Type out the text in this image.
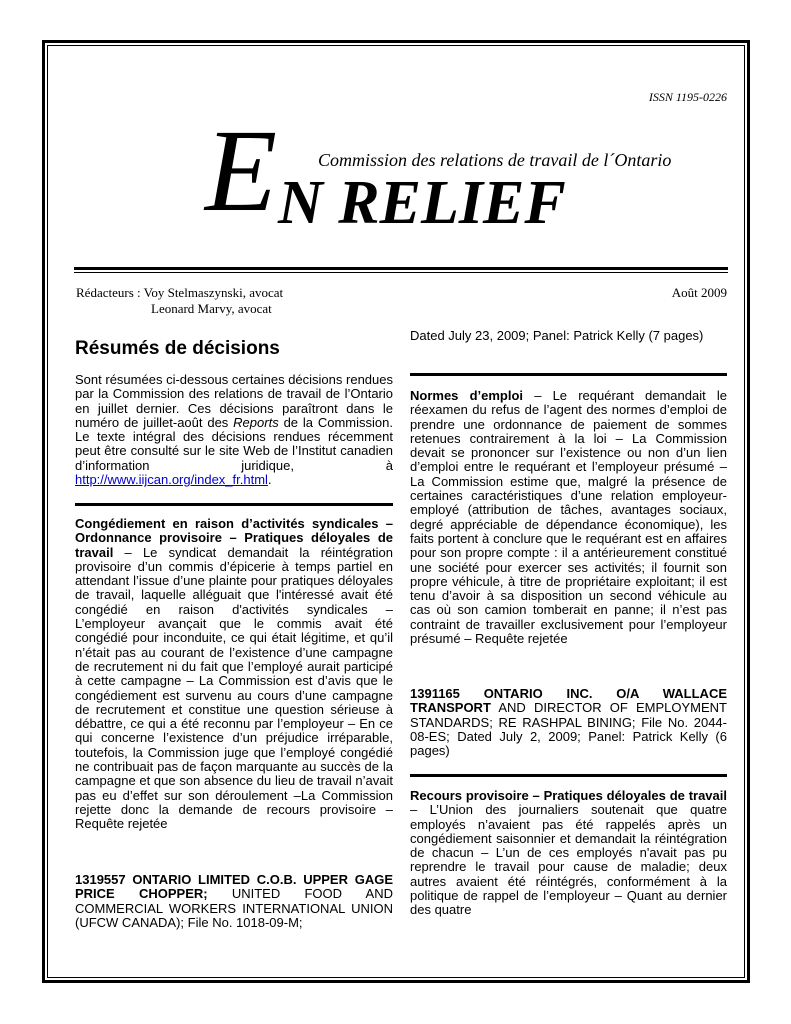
ISSN 1195-0226
E Commission des relations de travail de l´Ontario
N RELIEF
Rédacteurs : Voy Stelmaszynski, avocat
Leonard Marvy, avocat
Août 2009
Résumés de décisions
Sont résumées ci-dessous certaines décisions rendues par la Commission des relations de travail de l’Ontario en juillet dernier. Ces décisions paraîtront dans le numéro de juillet-août des Reports de la Commission. Le texte intégral des décisions rendues récemment peut être consulté sur le site Web de l’Institut canadien d’information juridique, à http://www.iijcan.org/index_fr.html.
Congédiement en raison d’activités syndicales – Ordonnance provisoire – Pratiques déloyales de travail – Le syndicat demandait la réintégration provisoire d’un commis d’épicerie à temps partiel en attendant l’issue d’une plainte pour pratiques déloyales de travail, laquelle alléguait que l'intéressé avait été congédié en raison d'activités syndicales – L’employeur avançait que le commis avait été congédié pour inconduite, ce qui était légitime, et qu’il n’était pas au courant de l’existence d’une campagne de recrutement ni du fait que l’employé aurait participé à cette campagne – La Commission est d’avis que le congédiement est survenu au cours d’une campagne de recrutement et constitue une question sérieuse à débattre, ce qui a été reconnu par l’employeur – En ce qui concerne l’existence d’un préjudice irréparable, toutefois, la Commission juge que l’employé congédié ne contribuait pas de façon marquante au succès de la campagne et que son absence du lieu de travail n’avait pas eu d’effet sur son déroulement –La Commission rejette donc la demande de recours provisoire – Requête rejetée
1319557 ONTARIO LIMITED C.O.B. UPPER GAGE PRICE CHOPPER; UNITED FOOD AND COMMERCIAL WORKERS INTERNATIONAL UNION (UFCW CANADA); File No. 1018-09-M;
Dated July 23, 2009; Panel: Patrick Kelly (7 pages)
Normes d’emploi – Le requérant demandait le réexamen du refus de l’agent des normes d’emploi de prendre une ordonnance de paiement de sommes retenues contrairement à la loi – La Commission devait se prononcer sur l’existence ou non d’un lien d’emploi entre le requérant et l’employeur présumé – La Commission estime que, malgré la présence de certaines caractéristiques d’une relation employeur-employé (attribution de tâches, avantages sociaux, degré appréciable de dépendance économique), les faits portent à conclure que le requérant est en affaires pour son propre compte : il a antérieurement constitué une société pour exercer ses activités; il fournit son propre véhicule, à titre de propriétaire exploitant; il est tenu d’avoir à sa disposition un second véhicule au cas où son camion tomberait en panne; il n’est pas contraint de travailler exclusivement pour l’employeur présumé – Requête rejetée
1391165 ONTARIO INC. O/A WALLACE TRANSPORT AND DIRECTOR OF EMPLOYMENT STANDARDS; RE RASHPAL BINING; File No. 2044-08-ES; Dated July 2, 2009; Panel: Patrick Kelly (6 pages)
Recours provisoire – Pratiques déloyales de travail – L’Union des journaliers soutenait que quatre employés n’avaient pas été rappelés après un congédiement saisonnier et demandait la réintégration de chacun – L’un de ces employés n'avait pas pu reprendre le travail pour cause de maladie; deux autres avaient été réintégrés, conformément à la politique de rappel de l’employeur – Quant au dernier des quatre
